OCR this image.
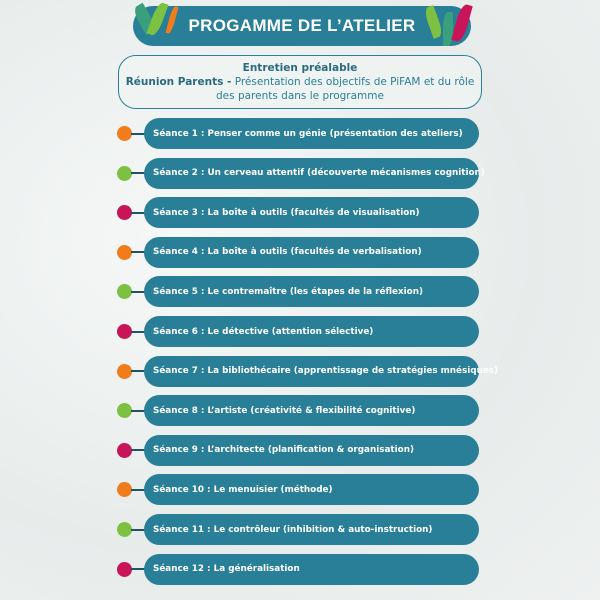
PROGAMME DE L’ATELIER
Entretien préalable
Réunion Parents - Présentation des objectifs de PiFAM et du rôle des parents dans le programme
Séance 1 : Penser comme un génie (présentation des ateliers)
Séance 2 : Un cerveau attentif (découverte mécanismes cognition)
Séance 3 : La boîte à outils (facultés de visualisation)
Séance 4 : La boîte à outils (facultés de verbalisation)
Séance 5 : Le contremaître (les étapes de la réflexion)
Séance 6 : Le détective (attention sélective)
Séance 7 : La bibliothécaire (apprentissage de stratégies mnésiques)
Séance 8 : L’artiste (créativité & flexibilité cognitive)
Séance 9 : L’architecte (planification & organisation)
Séance 10 : Le menuisier (méthode)
Séance 11 : Le contrôleur (inhibition & auto-instruction)
Séance 12 : La généralisation
